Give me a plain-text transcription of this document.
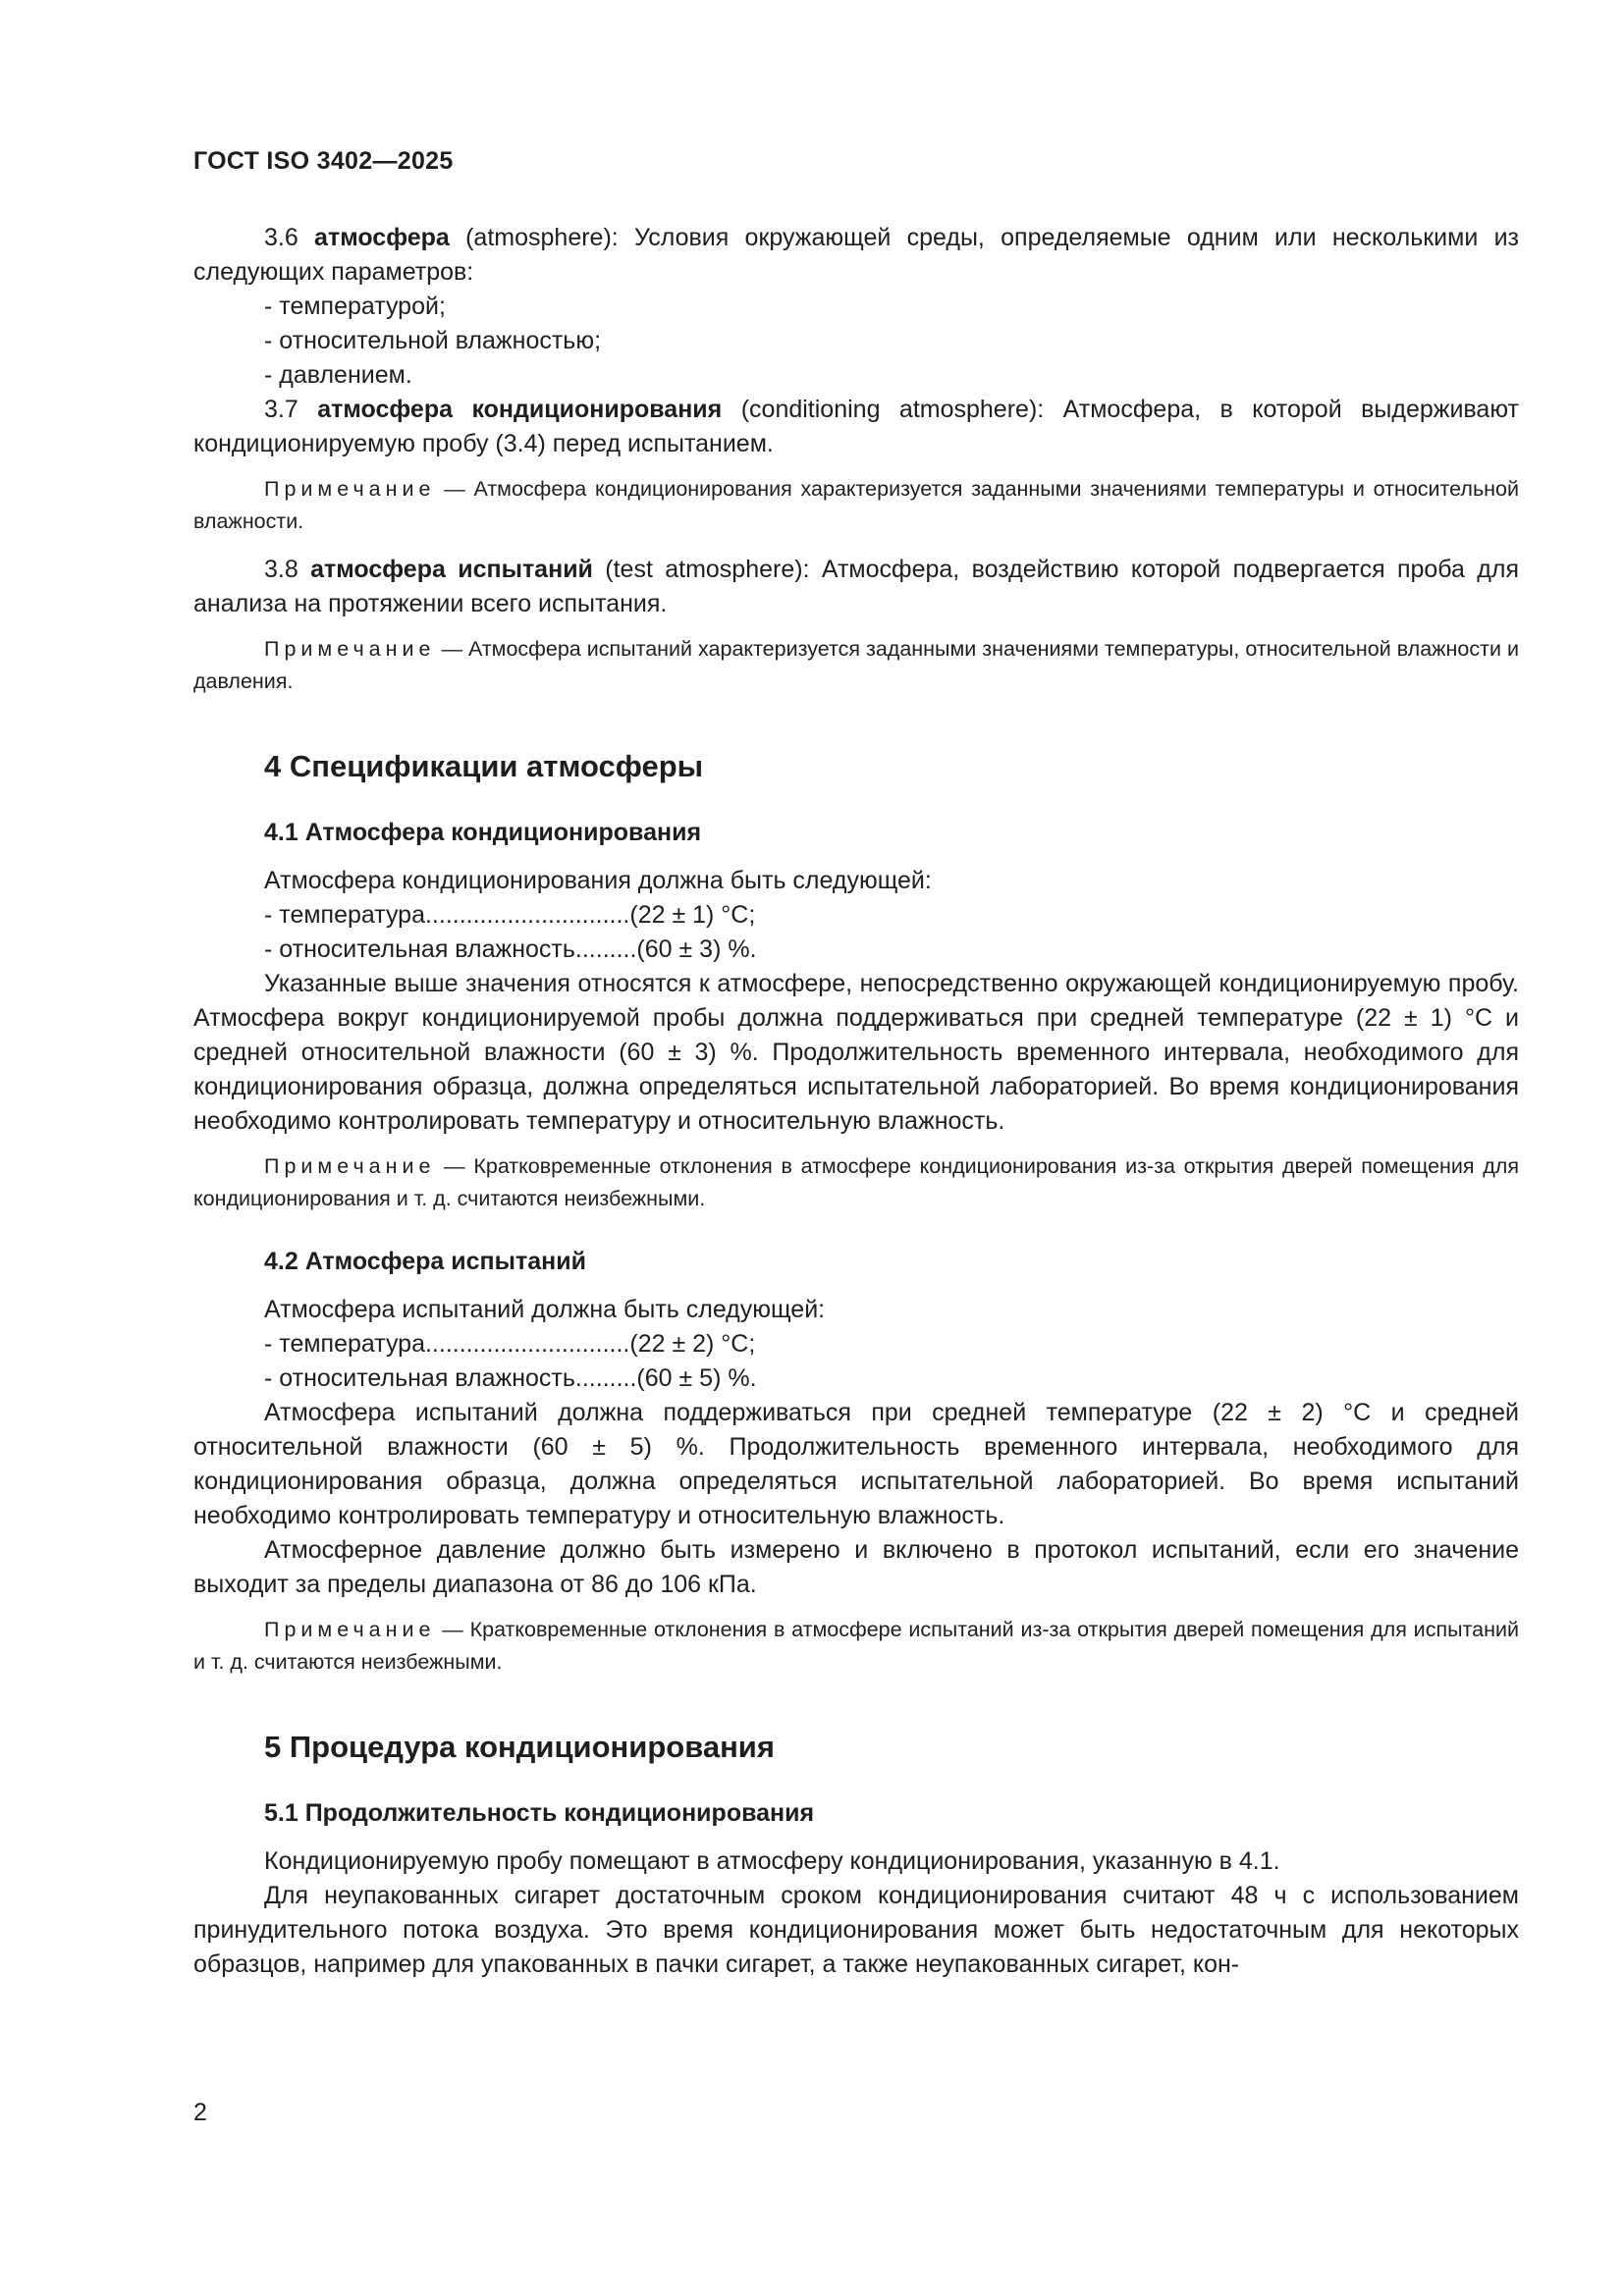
ГОСТ ISO 3402—2025

3.6 атмосфера (atmosphere): Условия окружающей среды, определяемые одним или несколькими из следующих параметров:

- температурой;

- относительной влажностью;

- давлением.

3.7 атмосфера кондиционирования (conditioning atmosphere): Атмосфера, в которой выдерживают кондиционируемую пробу (3.4) перед испытанием.

Примечание — Атмосфера кондиционирования характеризуется заданными значениями температуры и относительной влажности.

3.8 атмосфера испытаний (test atmosphere): Атмосфера, воздействию которой подвергается проба для анализа на протяжении всего испытания.

Примечание — Атмосфера испытаний характеризуется заданными значениями температуры, относительной влажности и давления.

4 Спецификации атмосферы
4.1 Атмосфера кондиционирования

Атмосфера кондиционирования должна быть следующей:

- температура..............................(22 ± 1) °С;

- относительная влажность.........(60 ± 3) %.

Указанные выше значения относятся к атмосфере, непосредственно окружающей кондиционируемую пробу. Атмосфера вокруг кондиционируемой пробы должна поддерживаться при средней температуре (22 ± 1) °С и средней относительной влажности (60 ± 3) %. Продолжительность временного интервала, необходимого для кондиционирования образца, должна определяться испытательной лабораторией. Во время кондиционирования необходимо контролировать температуру и относительную влажность.

Примечание — Кратковременные отклонения в атмосфере кондиционирования из-за открытия дверей помещения для кондиционирования и т. д. считаются неизбежными.

4.2 Атмосфера испытаний

Атмосфера испытаний должна быть следующей:

- температура..............................(22 ± 2) °С;

- относительная влажность.........(60 ± 5) %.

Атмосфера испытаний должна поддерживаться при средней температуре (22 ± 2) °С и средней относительной влажности (60 ± 5) %. Продолжительность временного интервала, необходимого для кондиционирования образца, должна определяться испытательной лабораторией. Во время испытаний необходимо контролировать температуру и относительную влажность.

Атмосферное давление должно быть измерено и включено в протокол испытаний, если его значение выходит за пределы диапазона от 86 до 106 кПа.

Примечание — Кратковременные отклонения в атмосфере испытаний из-за открытия дверей помещения для испытаний и т. д. считаются неизбежными.

5 Процедура кондиционирования
5.1 Продолжительность кондиционирования

Кондиционируемую пробу помещают в атмосферу кондиционирования, указанную в 4.1.

Для неупакованных сигарет достаточным сроком кондиционирования считают 48 ч с использованием принудительного потока воздуха. Это время кондиционирования может быть недостаточным для некоторых образцов, например для упакованных в пачки сигарет, а также неупакованных сигарет, кон-

2
